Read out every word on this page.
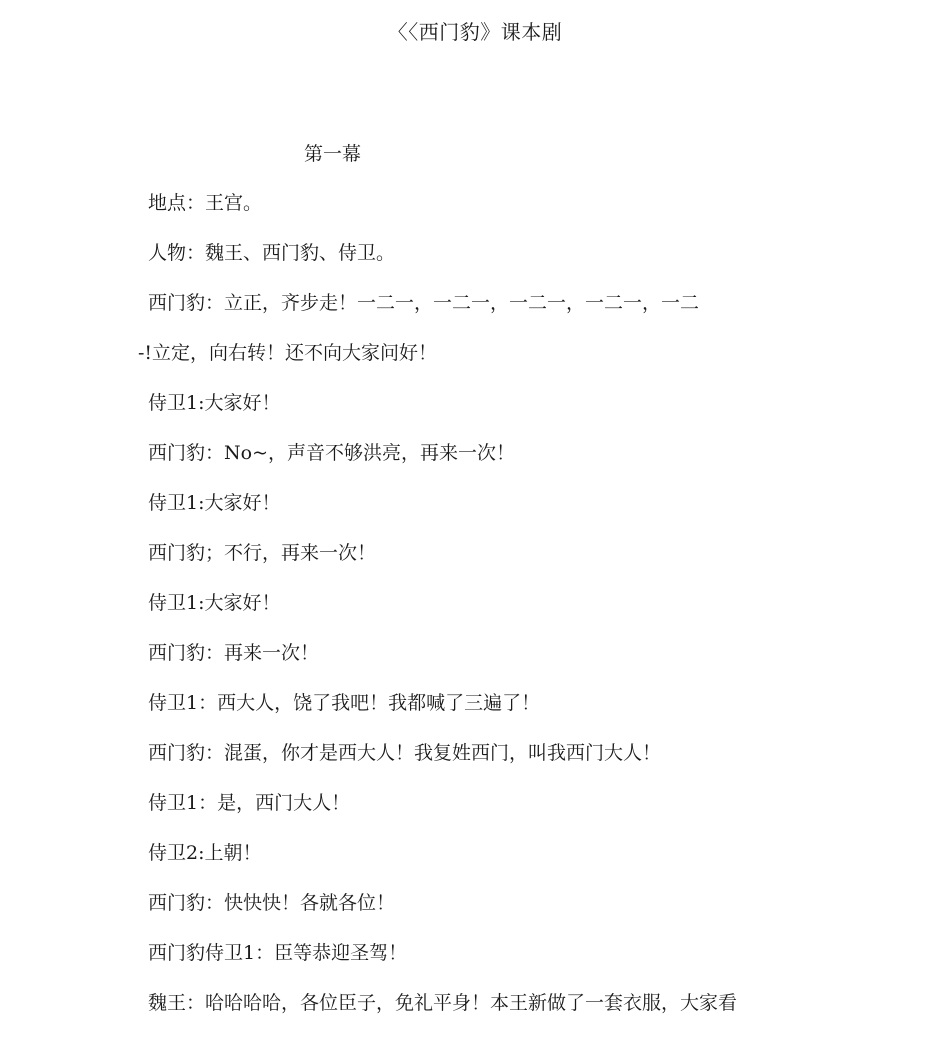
〈〈西门豹》课本剧
第一幕

地点：王宫。

人物：魏王、西门豹、侍卫。

西门豹：立正，齐步走！一二一，一二一，一二一，一二一，一二

-!立定，向右转！还不向大家问好！

侍卫1:大家好！

西门豹：No~，声音不够洪亮，再来一次！

侍卫1:大家好！

西门豹；不行，再来一次！

侍卫1:大家好！

西门豹：再来一次！

侍卫1：西大人，饶了我吧！我都喊了三遍了！

西门豹：混蛋，你才是西大人！我复姓西门，叫我西门大人！

侍卫1：是，西门大人！

侍卫2:上朝！

西门豹：快快快！各就各位！

西门豹侍卫1：臣等恭迎圣驾！

魏王：哈哈哈哈，各位臣子，免礼平身！本王新做了一套衣服，大家看
